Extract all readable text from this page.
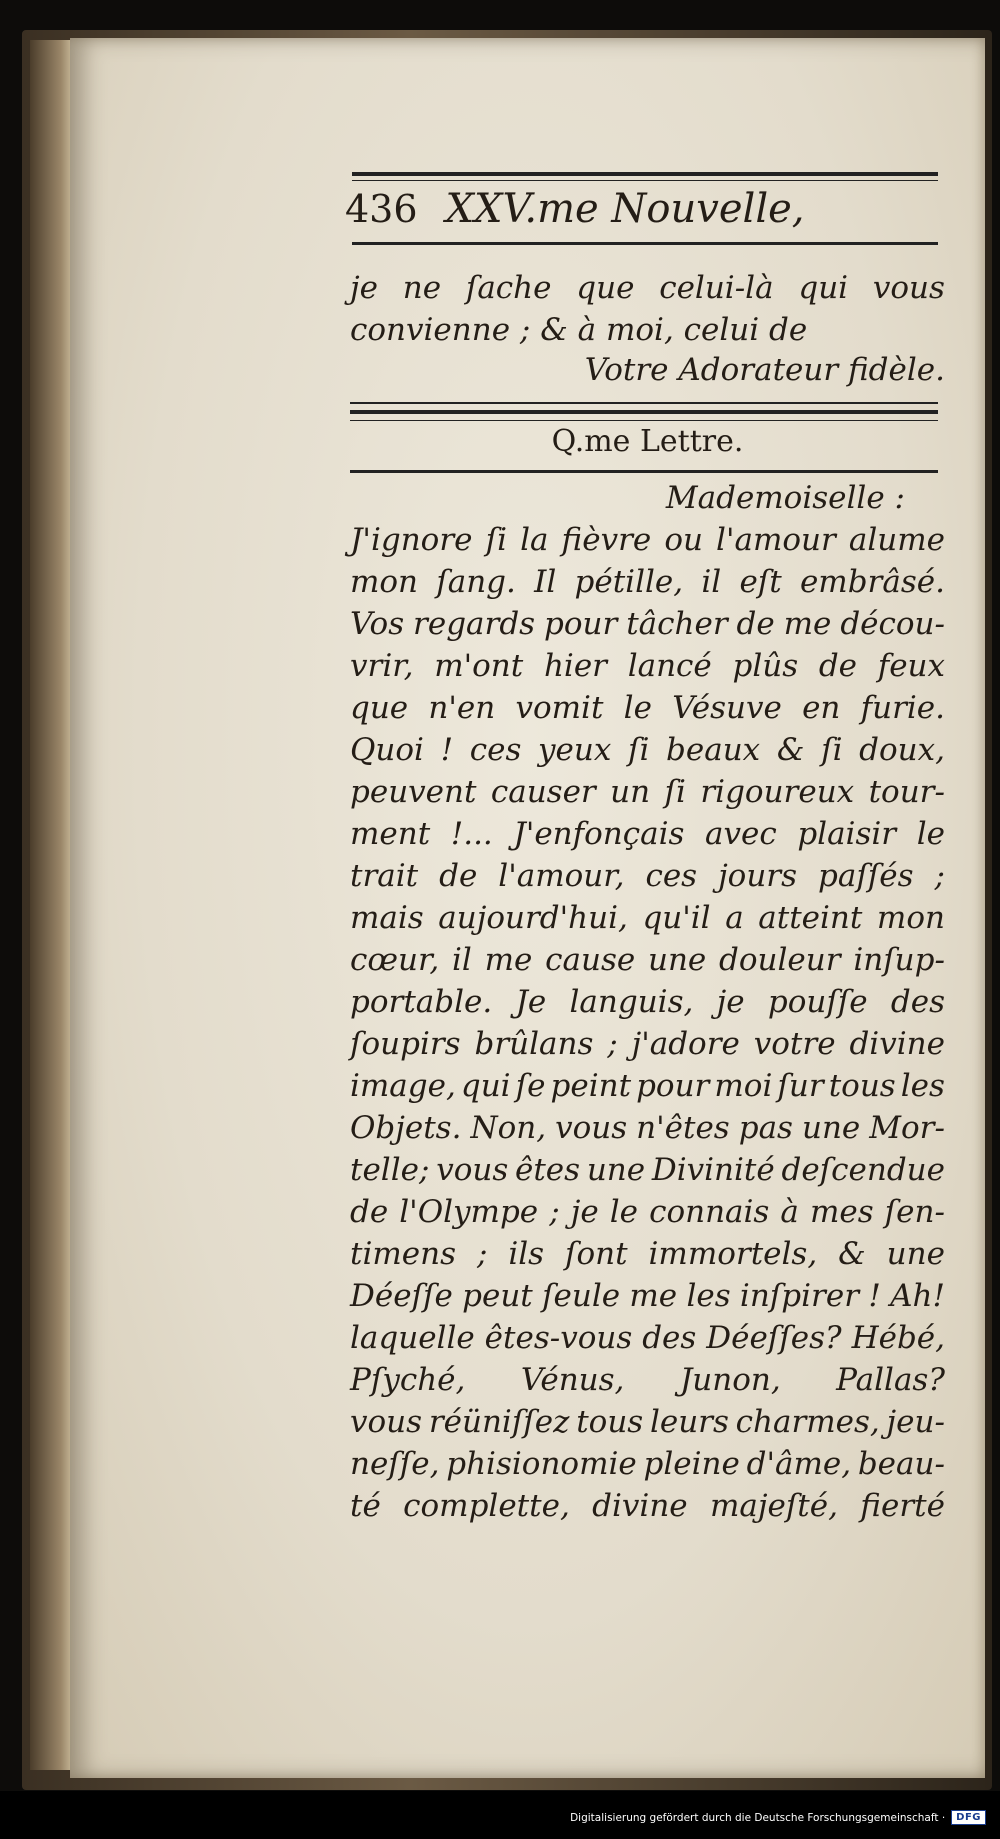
436 XXV.me Nouvelle,
je ne ſache que celui-là qui vous
convienne ; & à moi, celui de
Votre Adorateur fidèle.
Q.me Lettre.
Mademoiselle :
J'ignore ſi la fièvre ou l'amour alume
mon ſang. Il pétille, il eſt embrâsé.
Vos regards pour tâcher de me décou-
vrir, m'ont hier lancé plûs de feux
que n'en vomit le Vésuve en furie.
Quoi ! ces yeux ſi beaux & ſi doux,
peuvent causer un ſi rigoureux tour-
ment !... J'enfonçais avec plaisir le
trait de l'amour, ces jours paſſés ;
mais aujourd'hui, qu'il a atteint mon
cœur, il me cause une douleur inſup-
portable. Je languis, je pouſſe des
ſoupirs brûlans ; j'adore votre divine
image, qui ſe peint pour moi ſur tous les
Objets. Non, vous n'êtes pas une Mor-
telle; vous êtes une Divinité deſcendue
de l'Olympe ; je le connais à mes ſen-
timens ; ils ſont immortels, & une
Déeſſe peut ſeule me les inſpirer ! Ah!
laquelle êtes-vous des Déeſſes? Hébé,
Pſyché, Vénus, Junon, Pallas?
vous réüniſſez tous leurs charmes, jeu-
neſſe, phisionomie pleine d'âme, beau-
té complette, divine majeſté, fierté
Digitalisierung gefördert durch die Deutsche Forschungsgemeinschaft ·	DFG
